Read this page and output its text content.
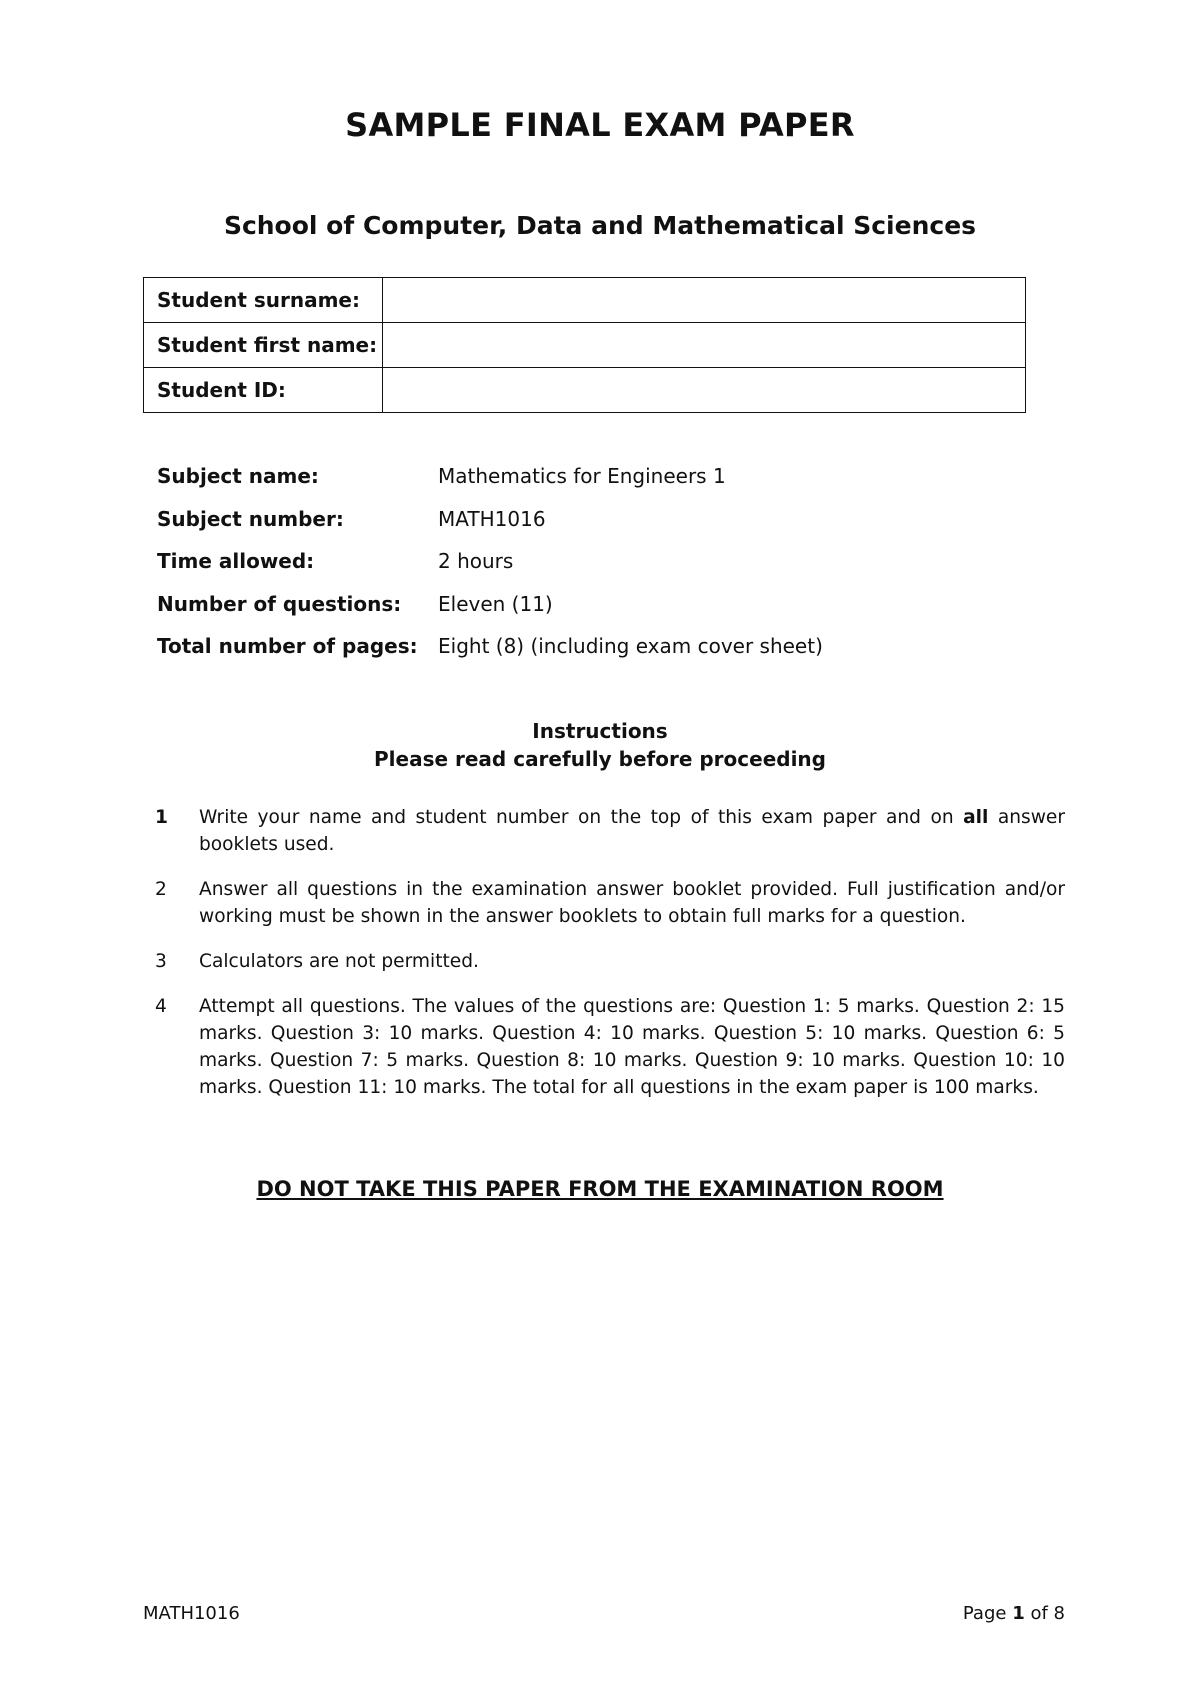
SAMPLE FINAL EXAM PAPER
School of Computer, Data and Mathematical Sciences
Student surname:	
Student first name:	
Student ID:	
Subject name:	Mathematics for Engineers 1
Subject number:	MATH1016
Time allowed:	2 hours
Number of questions:	Eleven (11)
Total number of pages:	Eight (8) (including exam cover sheet)
Instructions
Please read carefully before proceeding
1	Write your name and student number on the top of this exam paper and on all answer booklets used.
2	Answer all questions in the examination answer booklet provided. Full justification and/or working must be shown in the answer booklets to obtain full marks for a question.
3	Calculators are not permitted.
4	Attempt all questions. The values of the questions are: Question 1: 5 marks. Question 2: 15 marks. Question 3: 10 marks. Question 4: 10 marks. Question 5: 10 marks. Question 6: 5 marks. Question 7: 5 marks. Question 8: 10 marks. Question 9: 10 marks. Question 10: 10 marks. Question 11: 10 marks. The total for all questions in the exam paper is 100 marks.
DO NOT TAKE THIS PAPER FROM THE EXAMINATION ROOM
MATH1016	Page 1 of 8
